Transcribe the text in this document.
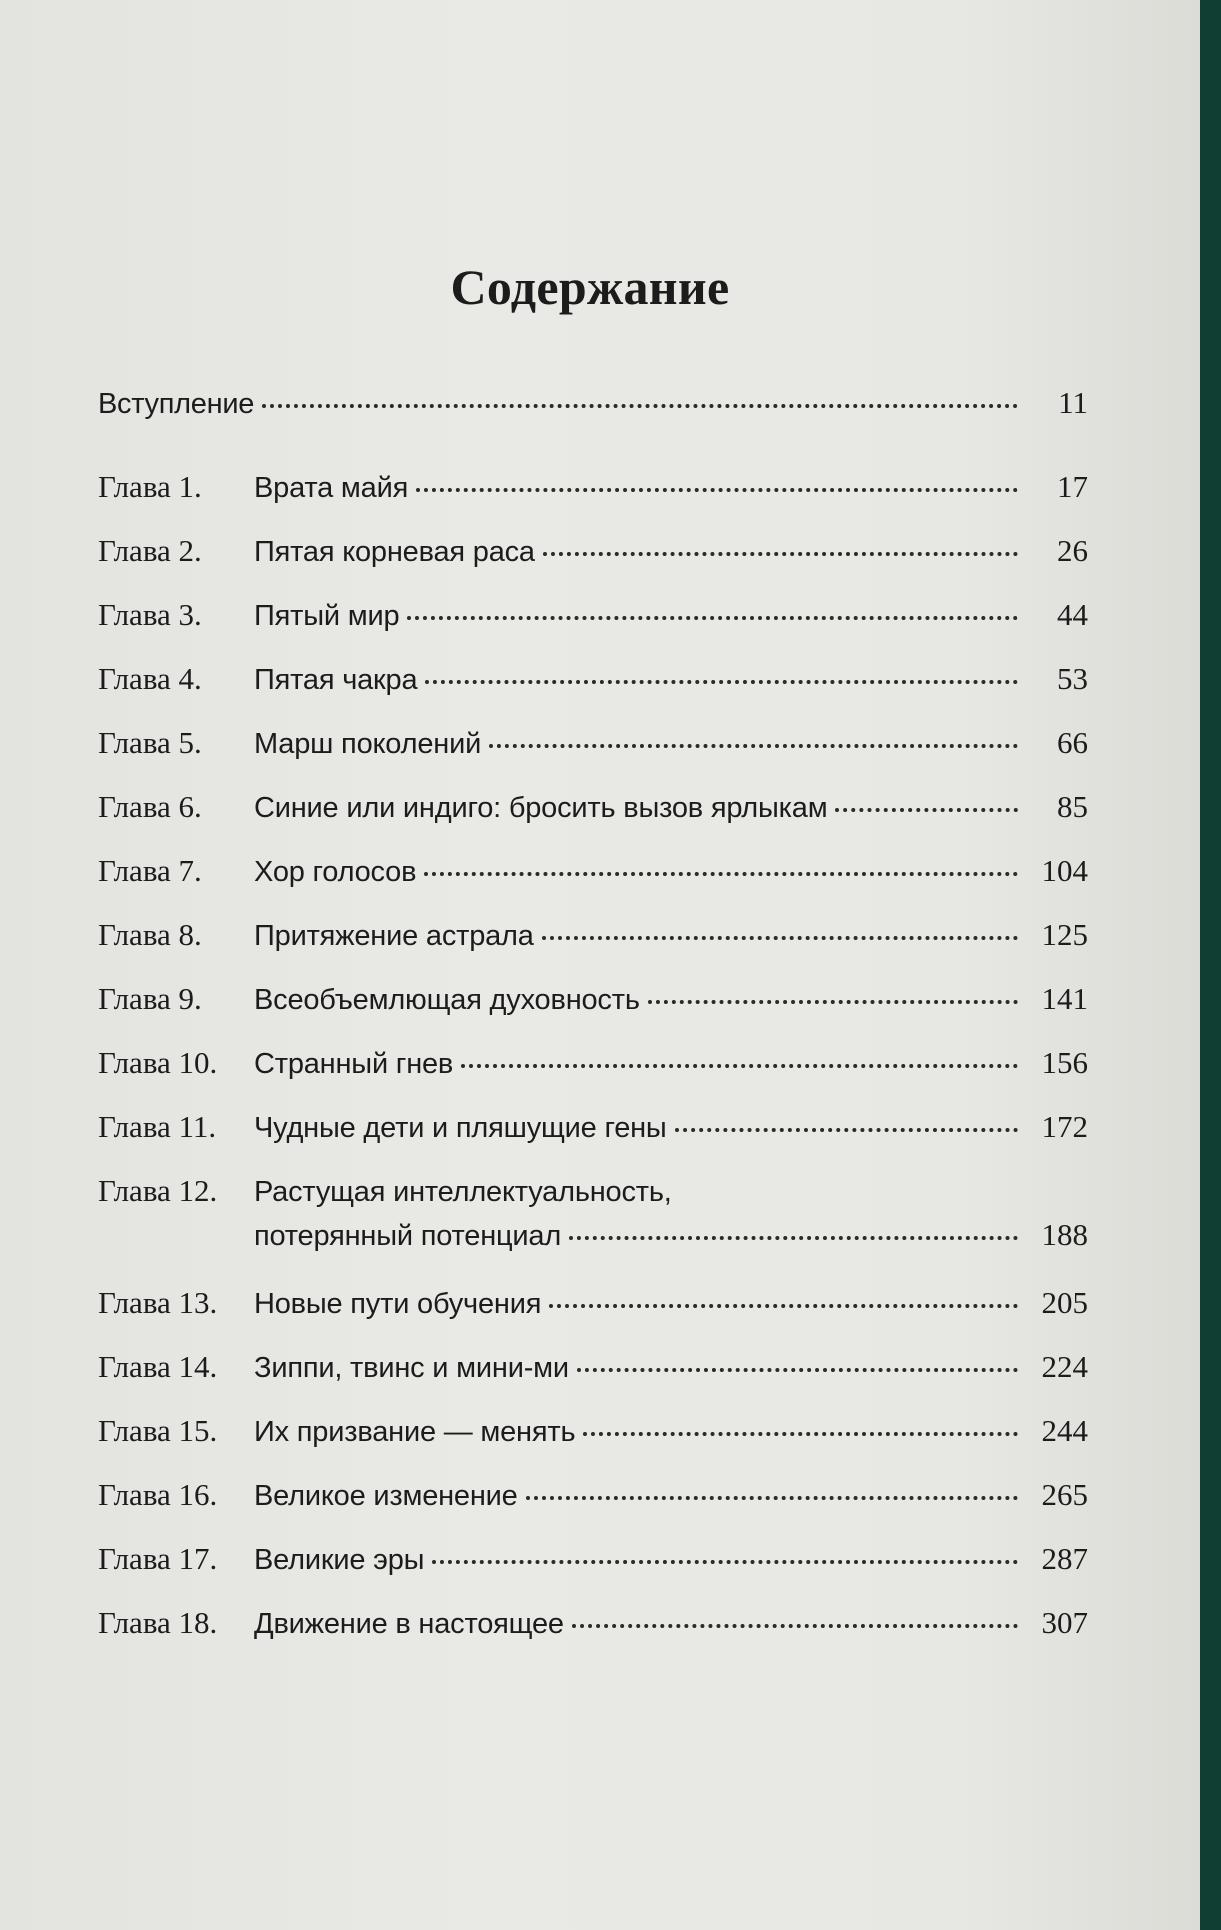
Содержание
Вступление	11
Глава 1.	Врата майя	17
Глава 2.	Пятая корневая раса	26
Глава 3.	Пятый мир	44
Глава 4.	Пятая чакра	53
Глава 5.	Марш поколений	66
Глава 6.	Синие или индиго: бросить вызов ярлыкам	85
Глава 7.	Хор голосов	104
Глава 8.	Притяжение астрала	125
Глава 9.	Всеобъемлющая духовность	141
Глава 10.	Странный гнев	156
Глава 11.	Чудные дети и пляшущие гены	172
Глава 12.	Растущая интеллектуальность,
потерянный потенциал	188
Глава 13.	Новые пути обучения	205
Глава 14.	Зиппи, твинс и мини-ми	224
Глава 15.	Их призвание — менять	244
Глава 16.	Великое изменение	265
Глава 17.	Великие эры	287
Глава 18.	Движение в настоящее	307
